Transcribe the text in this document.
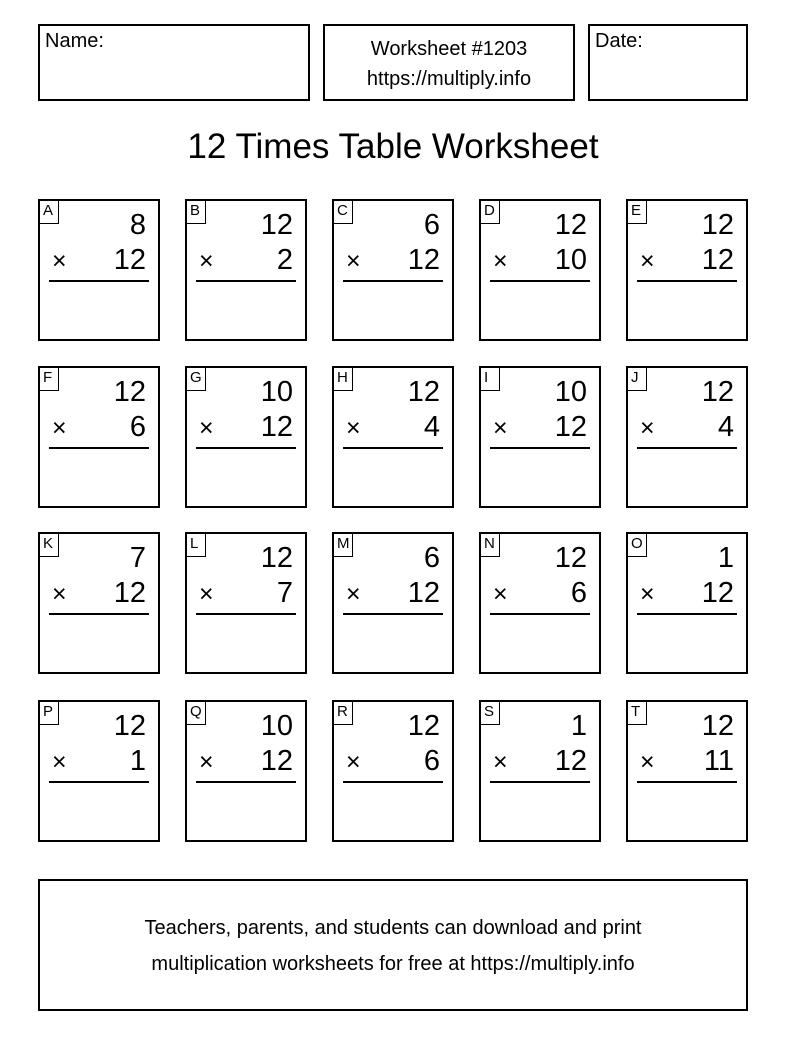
Name:	Worksheet #1203
https://multiply.info
Date:
12 Times Table Worksheet
A	8
× 12
B 12
× 2
C	6
× 12
D 12
× 10
E 12
× 12
F 12
× 6
G 10
× 12
H 12
× 4
I	10
× 12
J 12
× 4
K	7
× 12
L 12
× 7
M	6
× 12
N 12
× 6
O	1
× 12
P 12
× 1
Q 10
× 12
R 12
× 6
S	1
× 12
T 12
× 11
Teachers, parents, and students can download and print
multiplication worksheets for free at https://multiply.info
